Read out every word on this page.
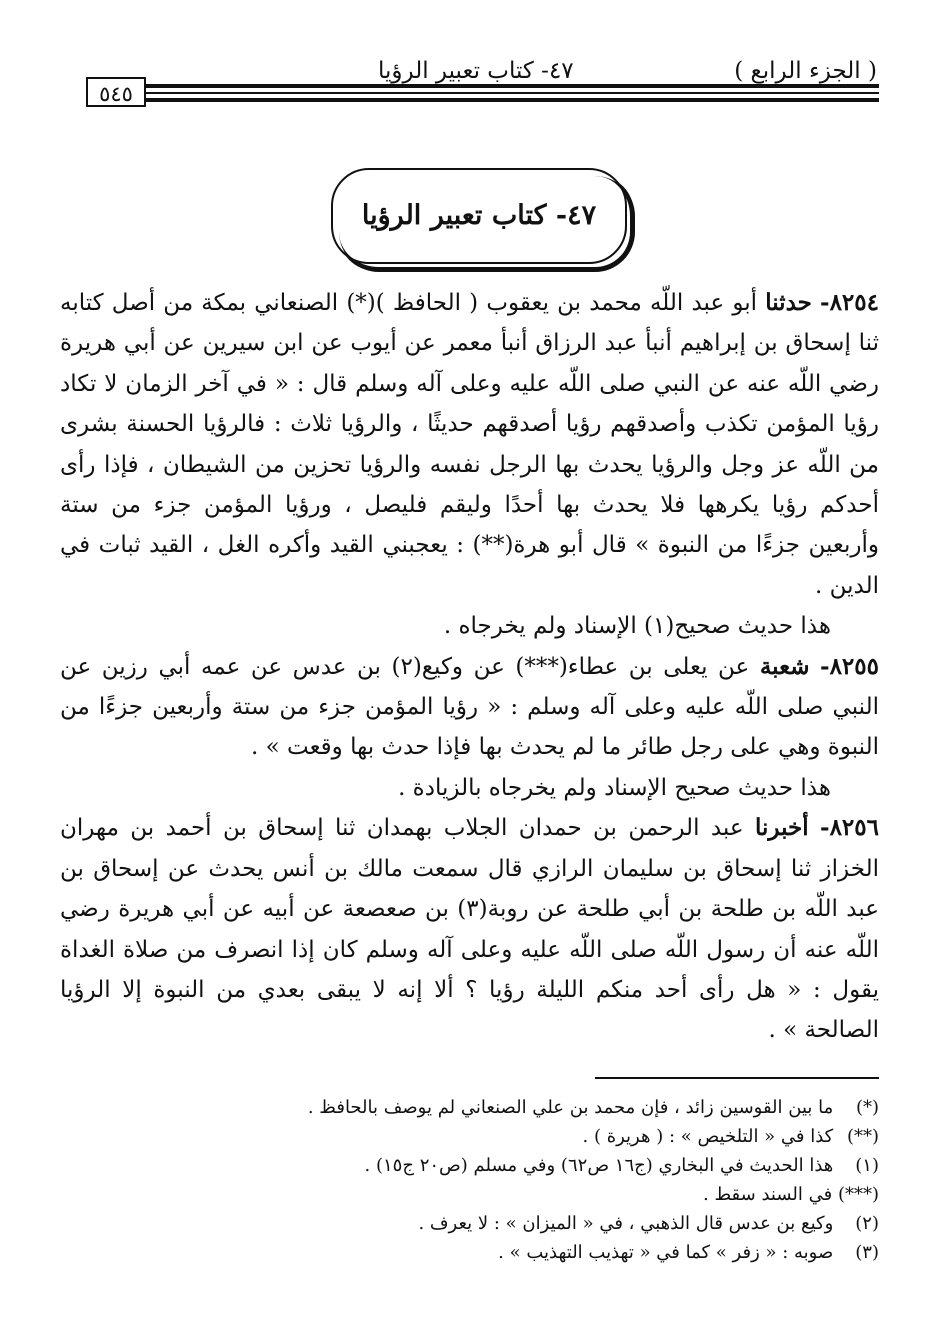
( الجزء الرابع )
٤٧- كتاب تعبير الرؤيا
٥٤٥
٤٧- كتاب تعبير الرؤيا

٨٢٥٤- حدثنا أبو عبد اللّه محمد بن يعقوب ( الحافظ )(*) الصنعاني بمكة من أصل كتابه ثنا إسحاق بن إبراهيم أنبأ عبد الرزاق أنبأ معمر عن أيوب عن ابن سيرين عن أبي هريرة رضي اللّه عنه عن النبي صلى اللّه عليه وعلى آله وسلم قال : « في آخر الزمان لا تكاد رؤيا المؤمن تكذب وأصدقهم رؤيا أصدقهم حديثًا ، والرؤيا ثلاث : فالرؤيا الحسنة بشرى من اللّه عز وجل والرؤيا يحدث بها الرجل نفسه والرؤيا تحزين من الشيطان ، فإذا رأى أحدكم رؤيا يكرهها فلا يحدث بها أحدًا وليقم فليصل ، ورؤيا المؤمن جزء من ستة وأربعين جزءًا من النبوة » قال أبو هرة(**) : يعجبني القيد وأكره الغل ، القيد ثبات في الدين .

هذا حديث صحيح(١) الإسناد ولم يخرجاه .

٨٢٥٥- شعبة عن يعلى بن عطاء(***) عن وكيع(٢) بن عدس عن عمه أبي رزين عن النبي صلى اللّه عليه وعلى آله وسلم : « رؤيا المؤمن جزء من ستة وأربعين جزءًا من النبوة وهي على رجل طائر ما لم يحدث بها فإذا حدث بها وقعت » .

هذا حديث صحيح الإسناد ولم يخرجاه بالزيادة .

٨٢٥٦- أخبرنا عبد الرحمن بن حمدان الجلاب بهمدان ثنا إسحاق بن أحمد بن مهران الخزاز ثنا إسحاق بن سليمان الرازي قال سمعت مالك بن أنس يحدث عن إسحاق بن عبد اللّه بن طلحة بن أبي طلحة عن روبة(٣) بن صعصعة عن أبيه عن أبي هريرة رضي اللّه عنه أن رسول اللّه صلى اللّه عليه وعلى آله وسلم كان إذا انصرف من صلاة الغداة يقول : « هل رأى أحد منكم الليلة رؤيا ؟ ألا إنه لا يبقى بعدي من النبوة إلا الرؤيا الصالحة » .

(*) ما بين القوسين زائد ، فإن محمد بن علي الصنعاني لم يوصف بالحافظ .
(**) كذا في « التلخيص » : ( هريرة ) .
(١) هذا الحديث في البخاري (ج١٦ ص٦٢) وفي مسلم (ص٢٠ ج١٥) .
(***) في السند سقط .
(٢) وكيع بن عدس قال الذهبي ، في « الميزان » : لا يعرف .
(٣) صوبه : « زفر » كما في « تهذيب التهذيب » .
